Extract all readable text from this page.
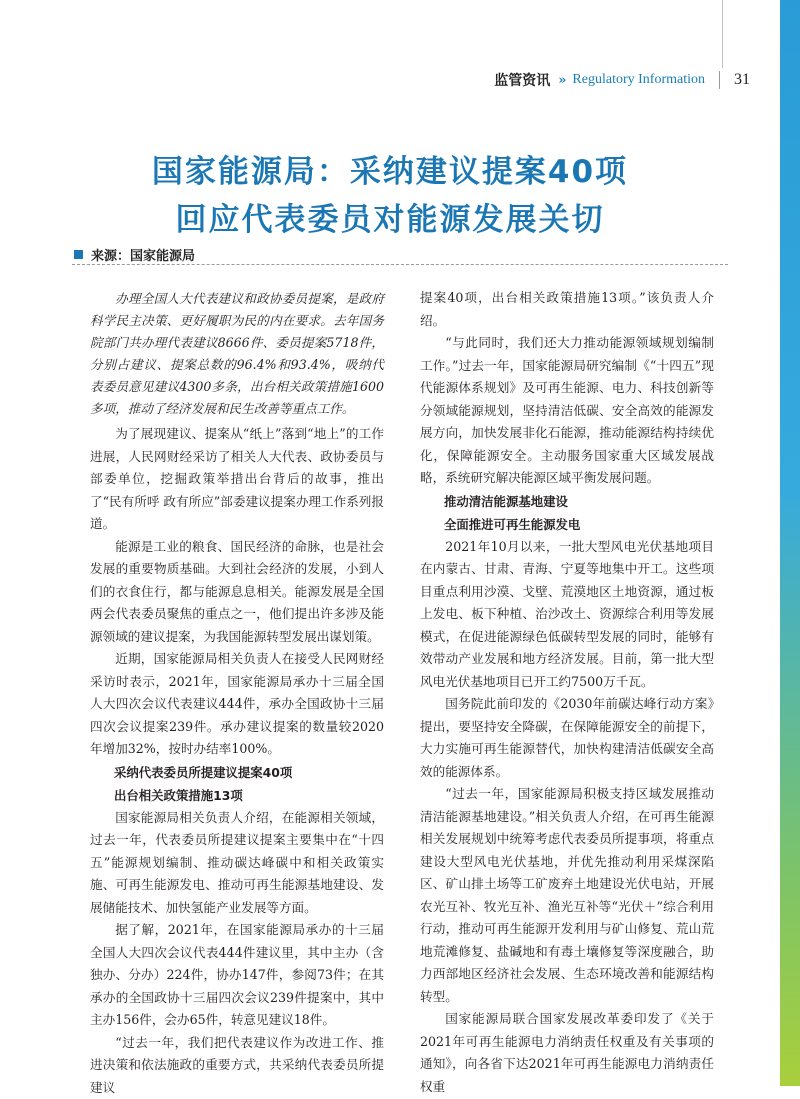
监管资讯 » Regulatory Information 31
国家能源局：采纳建议提案40项
回应代表委员对能源发展关切
来源：国家能源局

办理全国人大代表建议和政协委员提案，是政府科学民主决策、更好履职为民的内在要求。去年国务院部门共办理代表建议8666件、委员提案5718件，分别占建议、提案总数的96.4%和93.4%，吸纳代表委员意见建议4300多条，出台相关政策措施1600多项，推动了经济发展和民生改善等重点工作。

为了展现建议、提案从“纸上”落到“地上”的工作进展，人民网财经采访了相关人大代表、政协委员与部委单位，挖掘政策举措出台背后的故事，推出了“民有所呼 政有所应”部委建议提案办理工作系列报道。

能源是工业的粮食、国民经济的命脉，也是社会发展的重要物质基础。大到社会经济的发展，小到人们的衣食住行，都与能源息息相关。能源发展是全国两会代表委员聚焦的重点之一，他们提出许多涉及能源领域的建议提案，为我国能源转型发展出谋划策。

近期，国家能源局相关负责人在接受人民网财经采访时表示，2021年，国家能源局承办十三届全国人大四次会议代表建议444件，承办全国政协十三届四次会议提案239件。承办建议提案的数量较2020年增加32%，按时办结率100%。

采纳代表委员所提建议提案40项

出台相关政策措施13项

国家能源局相关负责人介绍，在能源相关领域，过去一年，代表委员所提建议提案主要集中在“十四五”能源规划编制、推动碳达峰碳中和相关政策实施、可再生能源发电、推动可再生能源基地建设、发展储能技术、加快氢能产业发展等方面。

据了解，2021年，在国家能源局承办的十三届全国人大四次会议代表444件建议里，其中主办（含独办、分办）224件，协办147件，参阅73件；在其承办的全国政协十三届四次会议239件提案中，其中主办156件，会办65件，转意见建议18件。

“过去一年，我们把代表建议作为改进工作、推进决策和依法施政的重要方式，共采纳代表委员所提建议

提案40项，出台相关政策措施13项。”该负责人介绍。

“与此同时，我们还大力推动能源领域规划编制工作。”过去一年，国家能源局研究编制《“十四五”现代能源体系规划》及可再生能源、电力、科技创新等分领域能源规划，坚持清洁低碳、安全高效的能源发展方向，加快发展非化石能源，推动能源结构持续优化，保障能源安全。主动服务国家重大区域发展战略，系统研究解决能源区域平衡发展问题。

推动清洁能源基地建设

全面推进可再生能源发电

2021年10月以来，一批大型风电光伏基地项目在内蒙古、甘肃、青海、宁夏等地集中开工。这些项目重点利用沙漠、戈壁、荒漠地区土地资源，通过板上发电、板下种植、治沙改土、资源综合利用等发展模式，在促进能源绿色低碳转型发展的同时，能够有效带动产业发展和地方经济发展。目前，第一批大型风电光伏基地项目已开工约7500万千瓦。

国务院此前印发的《2030年前碳达峰行动方案》提出，要坚持安全降碳，在保障能源安全的前提下，大力实施可再生能源替代，加快构建清洁低碳安全高效的能源体系。

“过去一年，国家能源局积极支持区域发展推动清洁能源基地建设。”相关负责人介绍，在可再生能源相关发展规划中统筹考虑代表委员所提事项，将重点建设大型风电光伏基地，并优先推动利用采煤深陷区、矿山排土场等工矿废弃土地建设光伏电站，开展农光互补、牧光互补、渔光互补等“光伏＋”综合利用行动，推动可再生能源开发利用与矿山修复、荒山荒地荒滩修复、盐碱地和有毒土壤修复等深度融合，助力西部地区经济社会发展、生态环境改善和能源结构转型。

国家能源局联合国家发展改革委印发了《关于2021年可再生能源电力消纳责任权重及有关事项的通知》，向各省下达2021年可再生能源电力消纳责任权重
